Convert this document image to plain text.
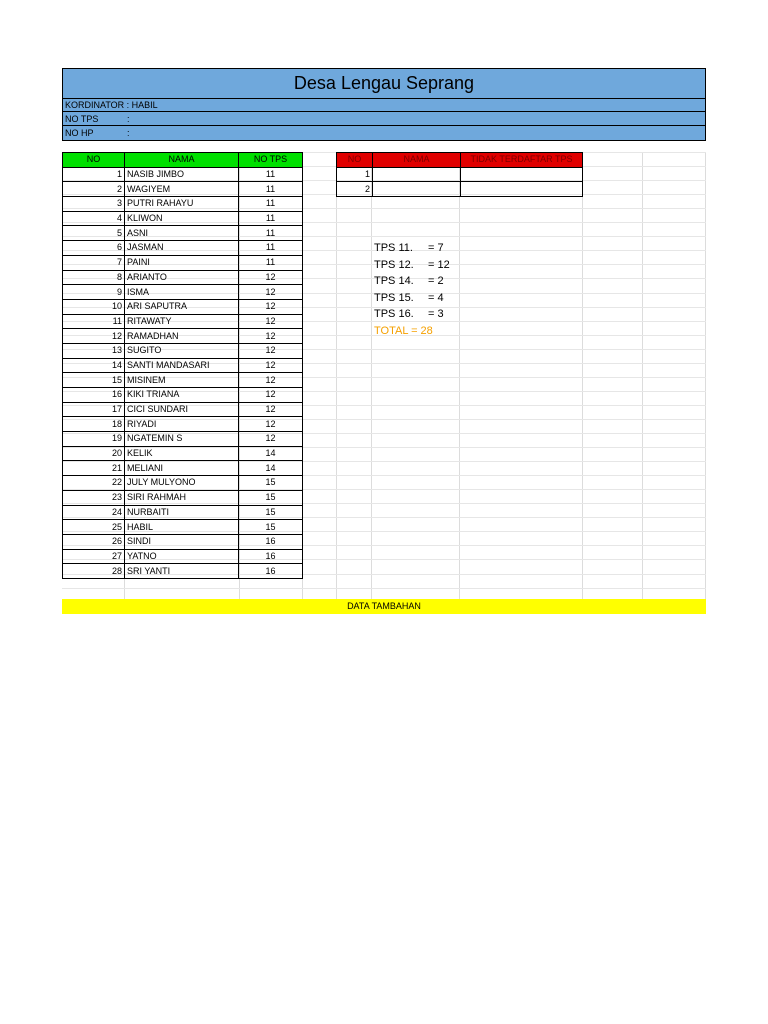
Desa Lengau Seprang
KORDINATOR : HABIL
NO TPS	:
NO HP	:
NO	NAMA	NO TPS
1	NASIB JIMBO	11
2	WAGIYEM	11
3	PUTRI RAHAYU	11
4	KLIWON	11
5	ASNI	11
6	JASMAN	11
7	PAINI	11
8	ARIANTO	12
9	ISMA	12
10	ARI SAPUTRA	12
11	RITAWATY	12
12	RAMADHAN	12
13	SUGITO	12
14	SANTI MANDASARI	12
15	MISINEM	12
16	KIKI TRIANA	12
17	CICI SUNDARI	12
18	RIYADI	12
19	NGATEMIN S	12
20	KELIK	14
21	MELIANI	14
22	JULY MULYONO	15
23	SIRI RAHMAH	15
24	NURBAITI	15
25	HABIL	15
26	SINDI	16
27	YATNO	16
28	SRI YANTI	16
NO	NAMA	TIDAK TERDAFTAR TPS
1		
2		
TPS 11. = 7
TPS 12. = 12
TPS 14. = 2
TPS 15. = 4
TPS 16. = 3
TOTAL = 28
DATA TAMBAHAN
